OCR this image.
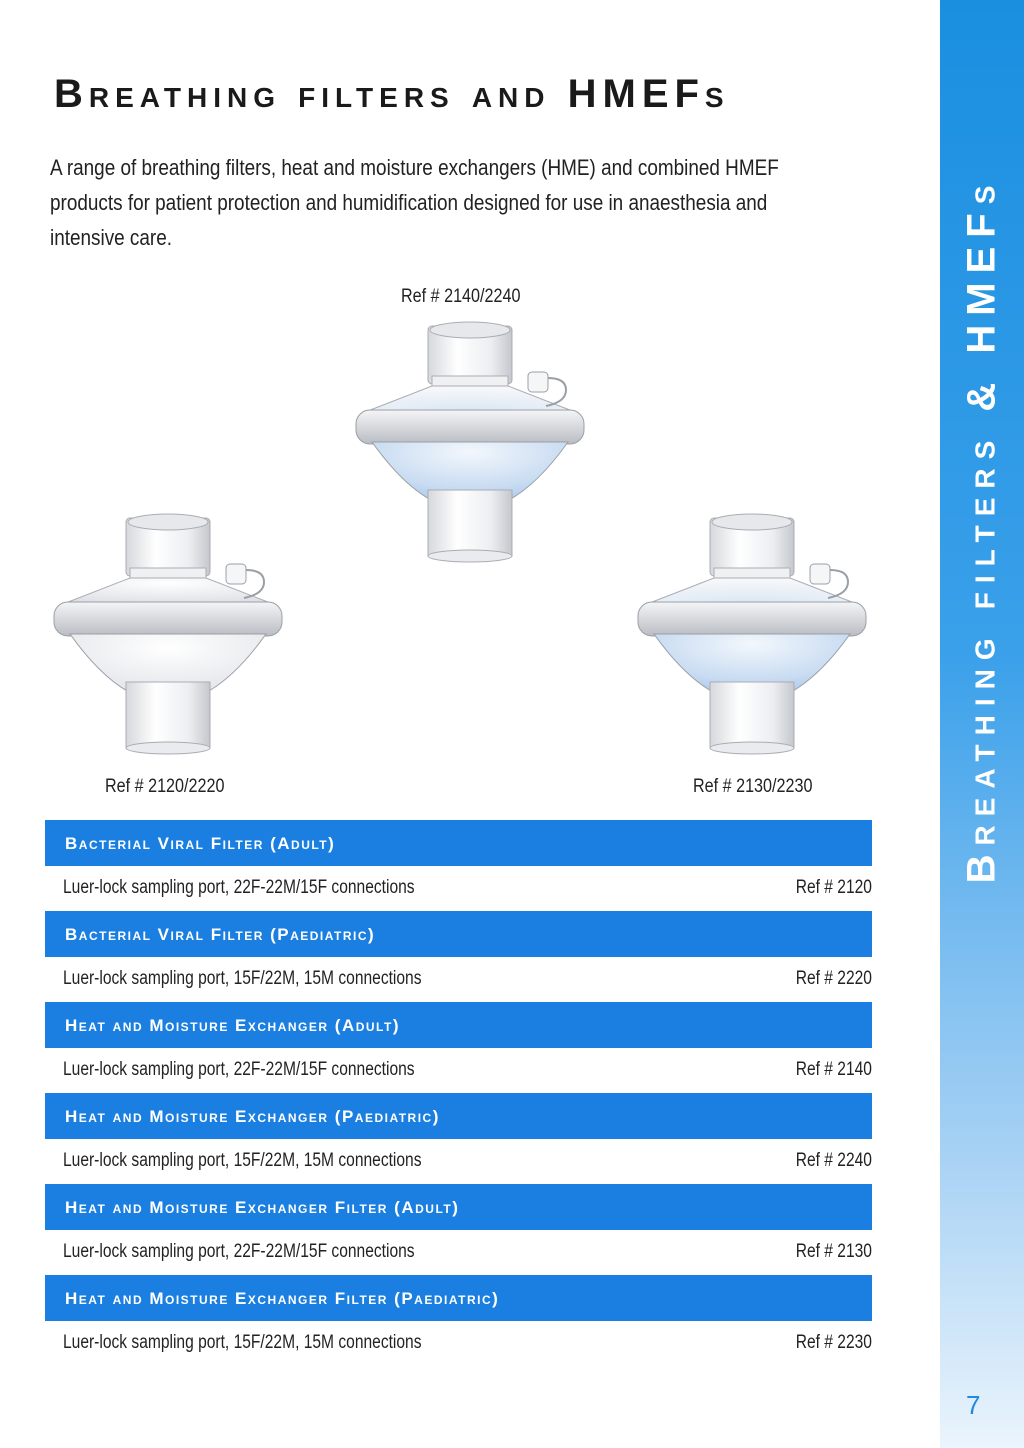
Breathing filters & HMEFs
Breathing filters and HMEFs
A range of breathing filters, heat and moisture exchangers (HME) and combined HMEF products for patient protection and humidification designed for use in anaesthesia and intensive care.
Ref # 2140/2240
Ref # 2120/2220	Ref # 2130/2230
Bacterial Viral Filter (Adult)
Luer-lock sampling port, 22F-22M/15F connections	Ref # 2120
Bacterial Viral Filter (Paediatric)
Luer-lock sampling port, 15F/22M, 15M connections	Ref # 2220
Heat and Moisture Exchanger (Adult)
Luer-lock sampling port, 22F-22M/15F connections	Ref # 2140
Heat and Moisture Exchanger (Paediatric)
Luer-lock sampling port, 15F/22M, 15M connections	Ref # 2240
Heat and Moisture Exchanger Filter (Adult)
Luer-lock sampling port, 22F-22M/15F connections	Ref # 2130
Heat and Moisture Exchanger Filter (Paediatric)
Luer-lock sampling port, 15F/22M, 15M connections	Ref # 2230
7
